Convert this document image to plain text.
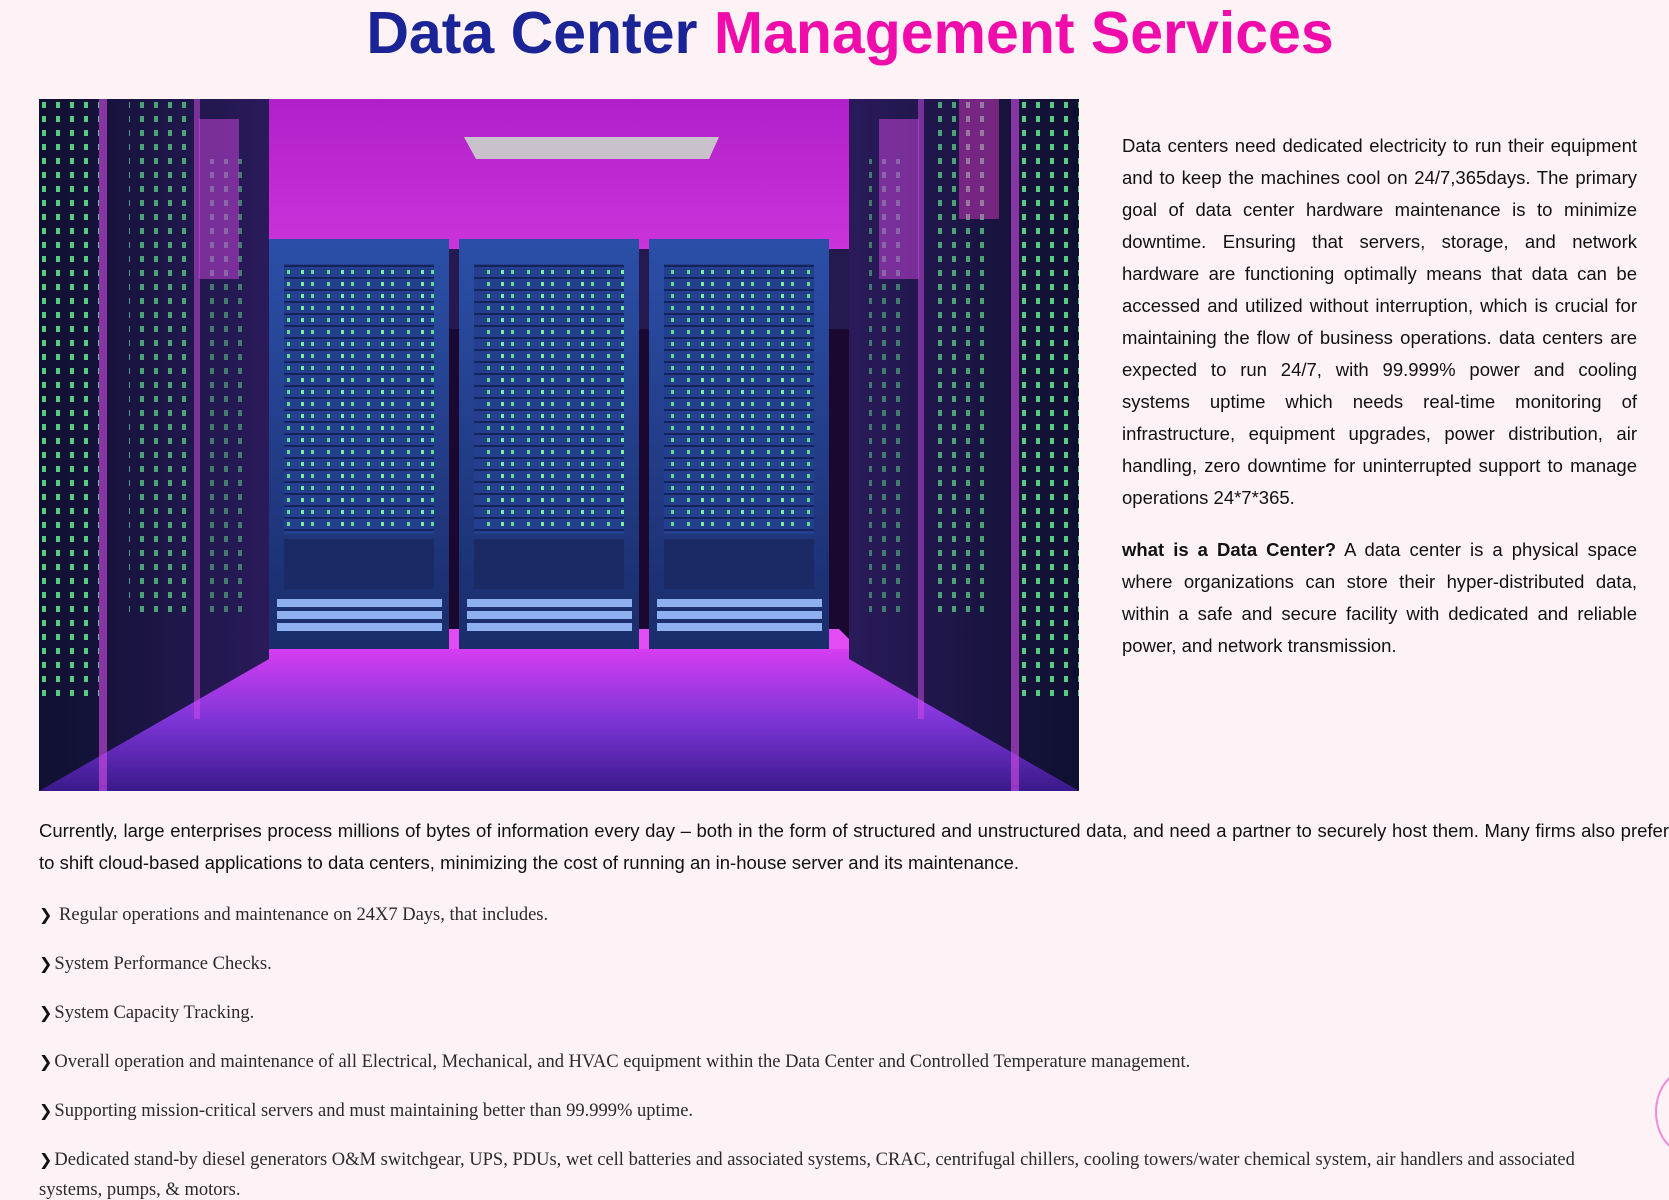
Data Center Management Services

Data centers need dedicated electricity to run their equipment and to keep the machines cool on 24/7,365days. The primary goal of data center hardware maintenance is to minimize downtime. Ensuring that servers, storage, and network hardware are functioning optimally means that data can be accessed and utilized without interruption, which is crucial for maintaining the flow of business operations. data centers are expected to run 24/7, with 99.999% power and cooling systems uptime which needs real-time monitoring of infrastructure, equipment upgrades, power distribution, air handling, zero downtime for uninterrupted support to manage operations 24*7*365.

what is a Data Center? A data center is a physical space where organizations can store their hyper-distributed data, within a safe and secure facility with dedicated and reliable power, and network transmission.

Currently, large enterprises process millions of bytes of information every day – both in the form of structured and unstructured data, and need a partner to securely host them. Many firms also prefer to shift cloud-based applications to data centers, minimizing the cost of running an in-house server and its maintenance.

❯ Regular operations and maintenance on 24X7 Days, that includes.
❯ System Performance Checks.
❯ System Capacity Tracking.
❯ Overall operation and maintenance of all Electrical, Mechanical, and HVAC equipment within the Data Center and Controlled Temperature management.
❯ Supporting mission-critical servers and must maintaining better than 99.999% uptime.
❯ Dedicated stand-by diesel generators O&M switchgear, UPS, PDUs, wet cell batteries and associated systems, CRAC, centrifugal chillers, cooling towers/water chemical system, air handlers and associated systems, pumps, & motors.
